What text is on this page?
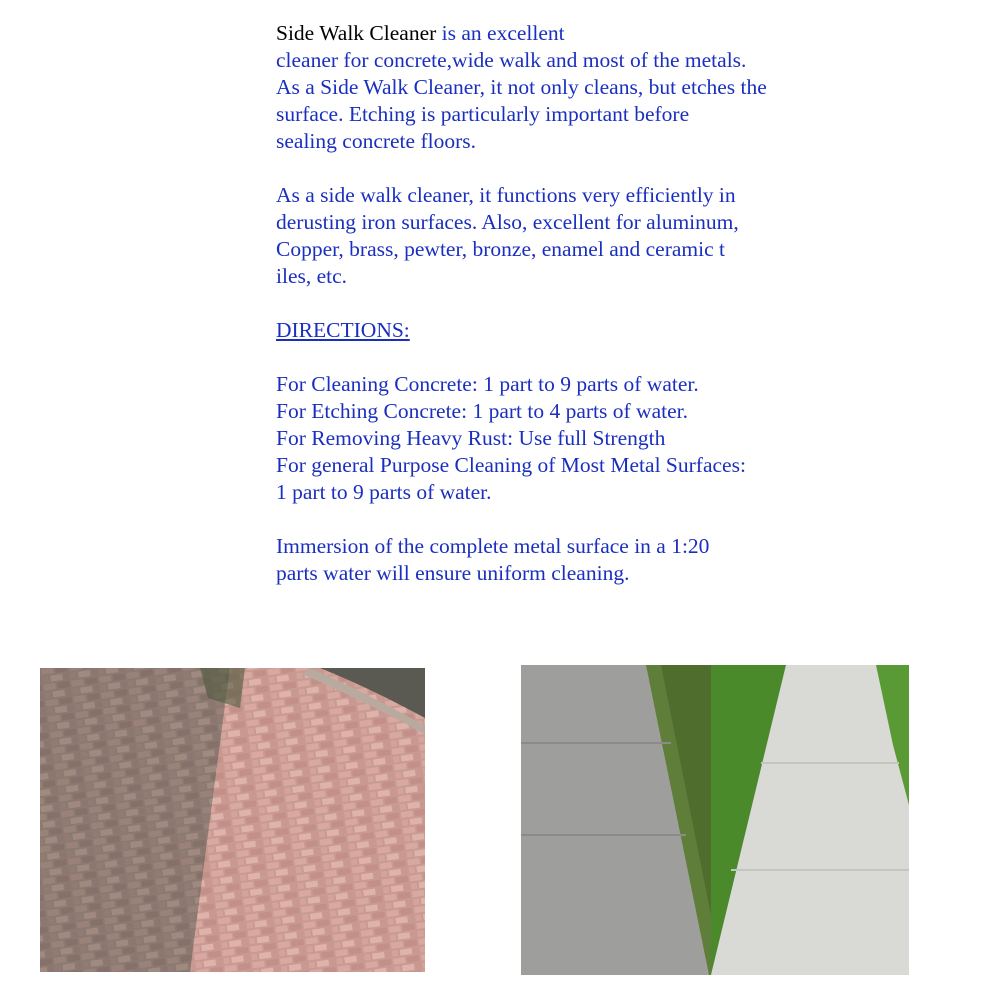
Side Walk Cleaner is an excellent

cleaner for concrete,wide walk and most of the metals.

As a Side Walk Cleaner, it not only cleans, but etches the

surface. Etching is particularly important before

sealing concrete floors.

As a side walk cleaner, it functions very efficiently in

derusting iron surfaces. Also, excellent for aluminum,

Copper, brass, pewter, bronze, enamel and ceramic t

iles, etc.

DIRECTIONS:

For Cleaning Concrete: 1 part to 9 parts of water.

For Etching Concrete: 1 part to 4 parts of water.

For Removing Heavy Rust: Use full Strength

For general Purpose Cleaning of Most Metal Surfaces:

1 part to 9 parts of water.

Immersion of the complete metal surface in a 1:20

parts water will ensure uniform cleaning.
